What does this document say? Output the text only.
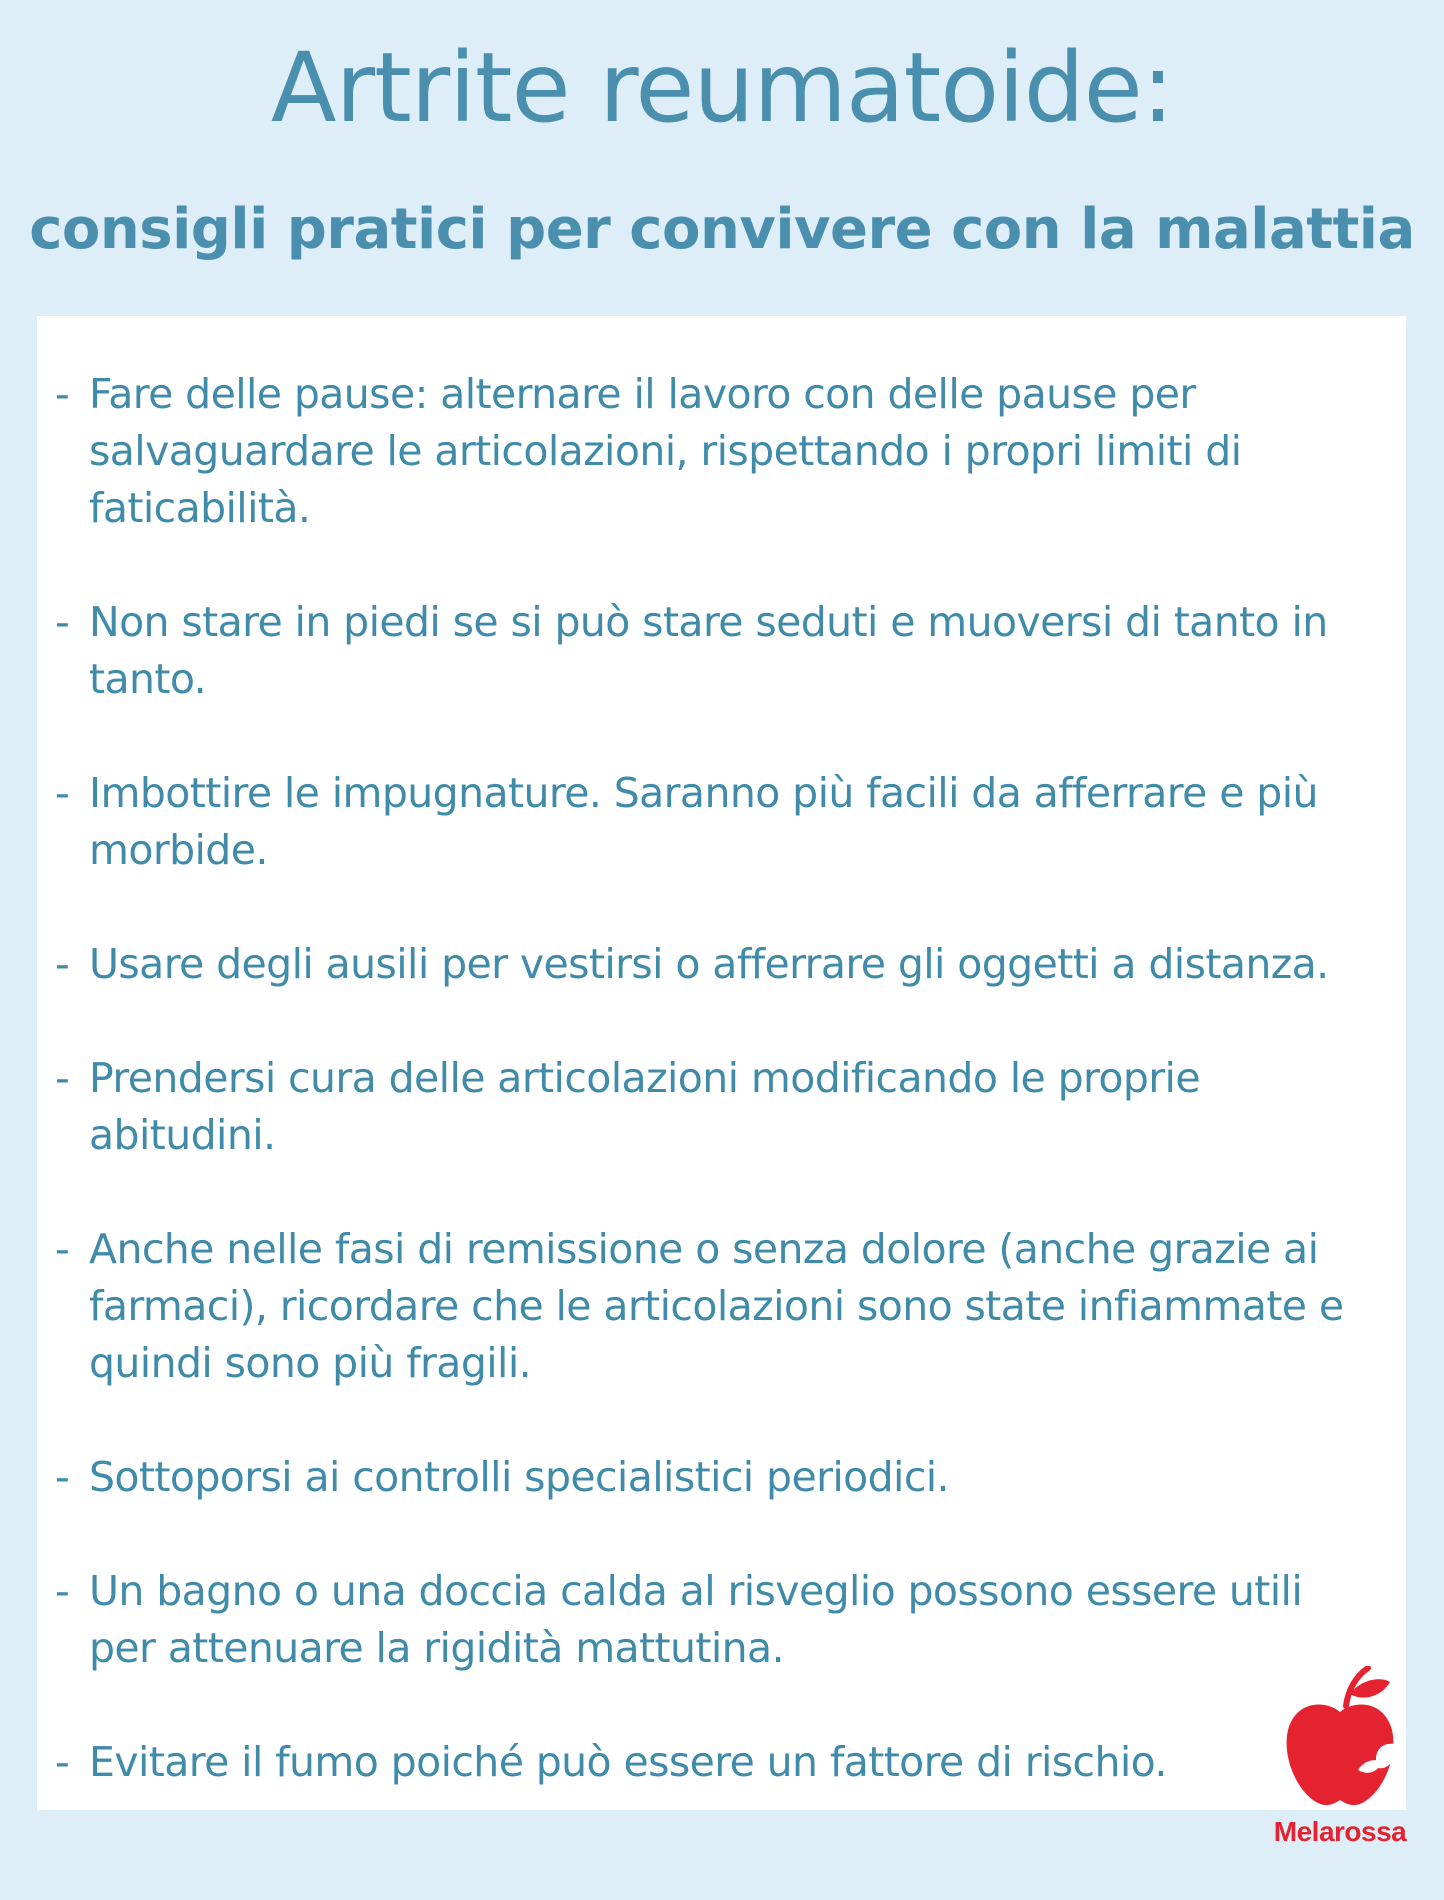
Artrite reumatoide:
consigli pratici per convivere con la malattia
- Fare delle pause: alternare il lavoro con delle pause per salvaguardare le articolazioni, rispettando i propri limiti di faticabilità.
- Non stare in piedi se si può stare seduti e muoversi di tanto in tanto.
- Imbottire le impugnature. Saranno più facili da afferrare e più morbide.
- Usare degli ausili per vestirsi o afferrare gli oggetti a distanza.
- Prendersi cura delle articolazioni modificando le proprie abitudini.
- Anche nelle fasi di remissione o senza dolore (anche grazie ai farmaci), ricordare che le articolazioni sono state infiammate e quindi sono più fragili.
- Sottoporsi ai controlli specialistici periodici.
- Un bagno o una doccia calda al risveglio possono essere utili per attenuare la rigidità mattutina.
- Evitare il fumo poiché può essere un fattore di rischio.
Melarossa
